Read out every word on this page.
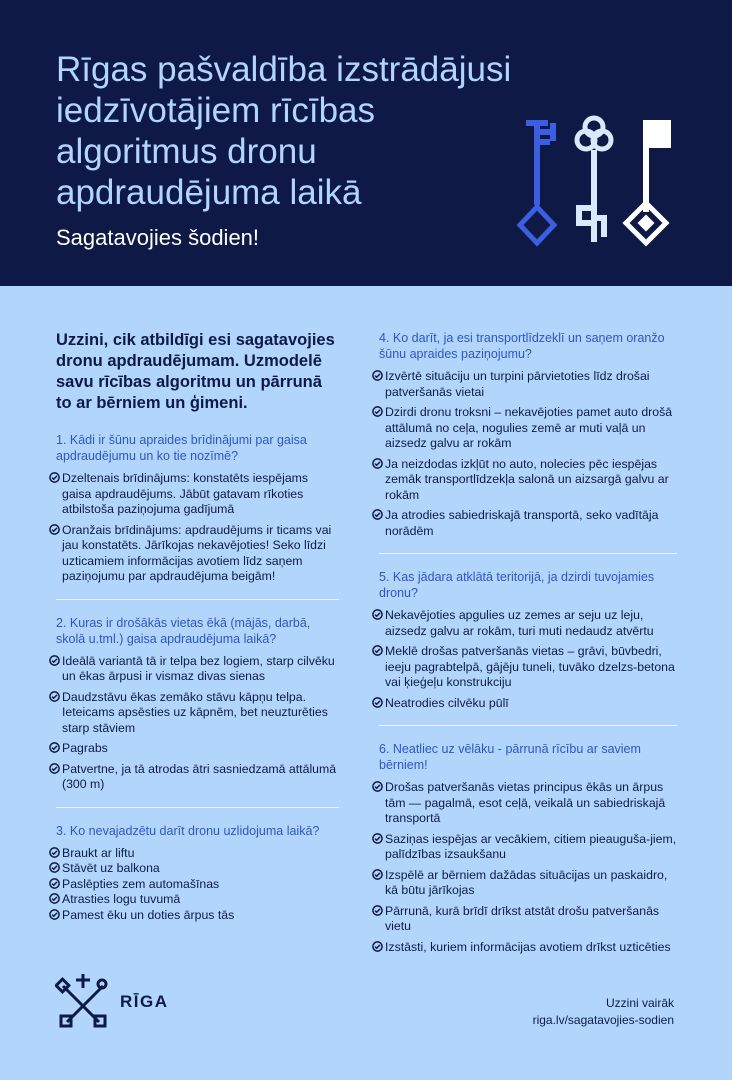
Rīgas pašvaldība izstrādājusi
iedzīvotājiem rīcības
algoritmus dronu
apdraudējuma laikā
Sagatavojies šodien!

Uzzini, cik atbildīgi esi sagatavojies dronu apdraudējumam. Uzmodelē savu rīcības algoritmu un pārrunā to ar bērniem un ģimeni.

1. Kādi ir šūnu apraides brīdinājumi par gaisa apdraudējumu un ko tie nozīmē?
Dzeltenais brīdinājums: konstatēts iespējams gaisa apdraudējums. Jābūt gatavam rīkoties atbilstoša paziņojuma gadījumā
Oranžais brīdinājums: apdraudējums ir ticams vai jau konstatēts. Jārīkojas nekavējoties! Seko līdzi uzticamiem informācijas avotiem līdz saņem paziņojumu par apdraudējuma beigām!
2. Kuras ir drošākās vietas ēkā (mājās, darbā, skolā u.tml.) gaisa apdraudējuma laikā?
Ideālā variantā tā ir telpa bez logiem, starp cilvēku un ēkas ārpusi ir vismaz divas sienas
Daudzstāvu ēkas zemāko stāvu kāpņu telpa. Ieteicams apsēsties uz kāpnēm, bet neuzturēties starp stāviem
Pagrabs
Patvertne, ja tā atrodas ātri sasniedzamā attālumā (300 m)
3. Ko nevajadzētu darīt dronu uzlidojuma laikā?
Braukt ar liftu
Stāvēt uz balkona
Paslēpties zem automašīnas
Atrasties logu tuvumā
Pamest ēku un doties ārpus tās
4. Ko darīt, ja esi transportlīdzeklī un saņem oranžo šūnu apraides paziņojumu?
Izvērtē situāciju un turpini pārvietoties līdz drošai patveršanās vietai
Dzirdi dronu troksni – nekavējoties pamet auto drošā attālumā no ceļa, nogulies zemē ar muti vaļā un aizsedz galvu ar rokām
Ja neizdodas izkļūt no auto, nolecies pēc iespējas zemāk transportlīdzekļa salonā un aizsargā galvu ar rokām
Ja atrodies sabiedriskajā transportā, seko vadītāja norādēm
5. Kas jādara atklātā teritorijā, ja dzirdi tuvojamies dronu?
Nekavējoties apgulies uz zemes ar seju uz leju, aizsedz galvu ar rokām, turi muti nedaudz atvērtu
Meklē drošas patveršanās vietas – grāvi, būvbedri, ieeju pagrabtelpā, gājēju tuneli, tuvāko dzelzs-betona vai ķieģeļu konstrukciju
Neatrodies cilvēku pūlī
6. Neatliec uz vēlāku - pārrunā rīcību ar saviem bērniem!
Drošas patveršanās vietas principus ēkās un ārpus tām — pagalmā, esot ceļā, veikalā un sabiedriskajā transportā
Saziņas iespējas ar vecākiem, citiem pieauguša-jiem, palīdzības izsaukšanu
Izspēlē ar bērniem dažādas situācijas un paskaidro, kā būtu jārīkojas
Pārrunā, kurā brīdī drīkst atstāt drošu patveršanās vietu
Izstāsti, kuriem informācijas avotiem drīkst uzticēties
RĪGA	Uzzini vairāk
riga.lv/sagatavojies-sodien
